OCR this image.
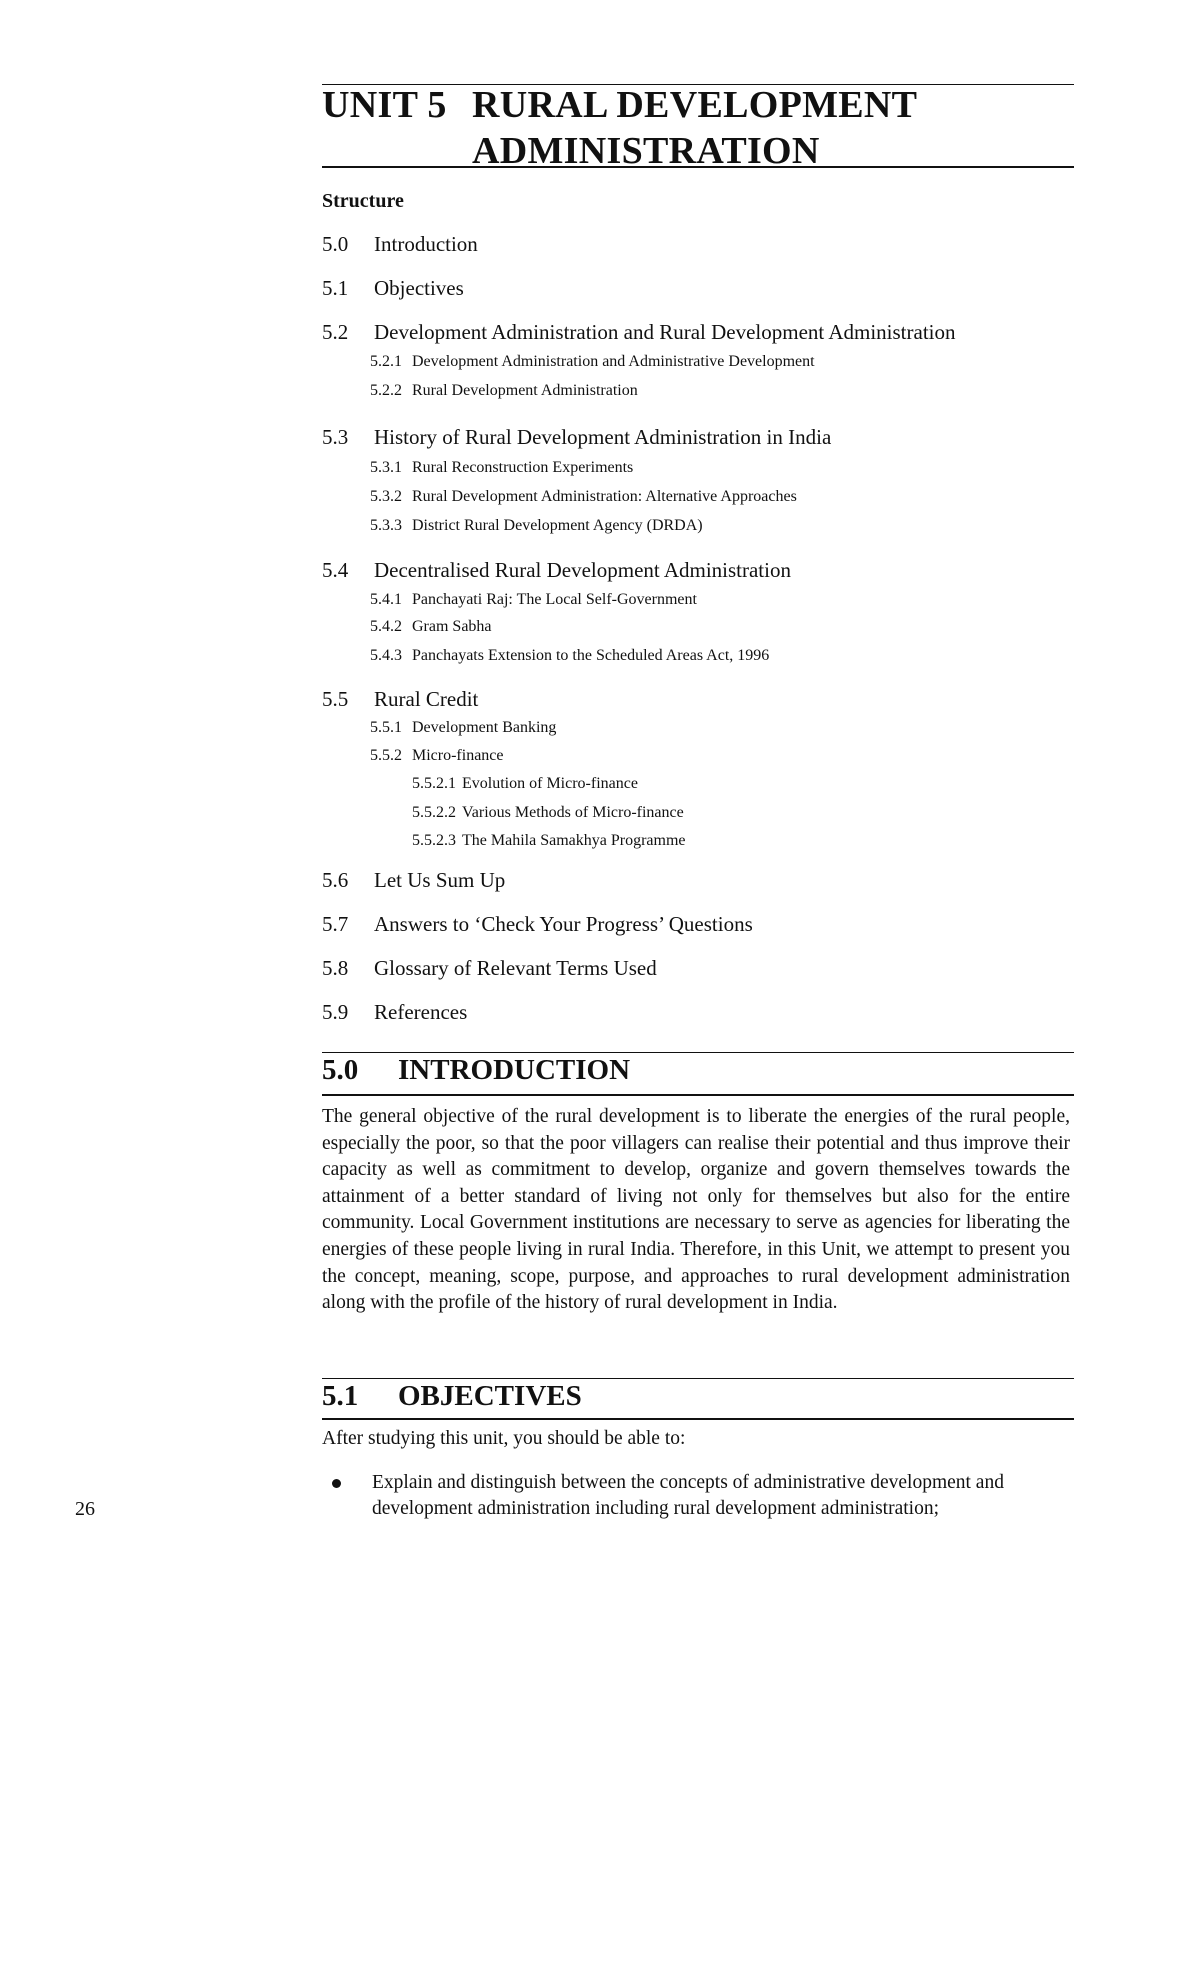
UNIT 5 RURAL DEVELOPMENT
ADMINISTRATION
Structure
5.0 Introduction
5.1 Objectives
5.2 Development Administration and Rural Development Administration
5.2.1 Development Administration and Administrative Development
5.2.2 Rural Development Administration
5.3 History of Rural Development Administration in India
5.3.1 Rural Reconstruction Experiments
5.3.2 Rural Development Administration: Alternative Approaches
5.3.3 District Rural Development Agency (DRDA)
5.4 Decentralised Rural Development Administration
5.4.1 Panchayati Raj: The Local Self-Government
5.4.2 Gram Sabha
5.4.3 Panchayats Extension to the Scheduled Areas Act, 1996
5.5 Rural Credit
5.5.1 Development Banking
5.5.2 Micro-finance
5.5.2.1 Evolution of Micro-finance
5.5.2.2 Various Methods of Micro-finance
5.5.2.3 The Mahila Samakhya Programme
5.6 Let Us Sum Up
5.7 Answers to ‘Check Your Progress’ Questions
5.8 Glossary of Relevant Terms Used
5.9 References
5.0 INTRODUCTION
The general objective of the rural development is to liberate the energies of the rural people, especially the poor, so that the poor villagers can realise their potential and thus improve their capacity as well as commitment to develop, organize and govern themselves towards the attainment of a better standard of living not only for themselves but also for the entire community. Local Government institutions are necessary to serve as agencies for liberating the energies of these people living in rural India. Therefore, in this Unit, we attempt to present you the concept, meaning, scope, purpose, and approaches to rural development administration along with the profile of the history of rural development in India.
5.1 OBJECTIVES
After studying this unit, you should be able to:
Explain and distinguish between the concepts of administrative development and development administration including rural development administration;
26
